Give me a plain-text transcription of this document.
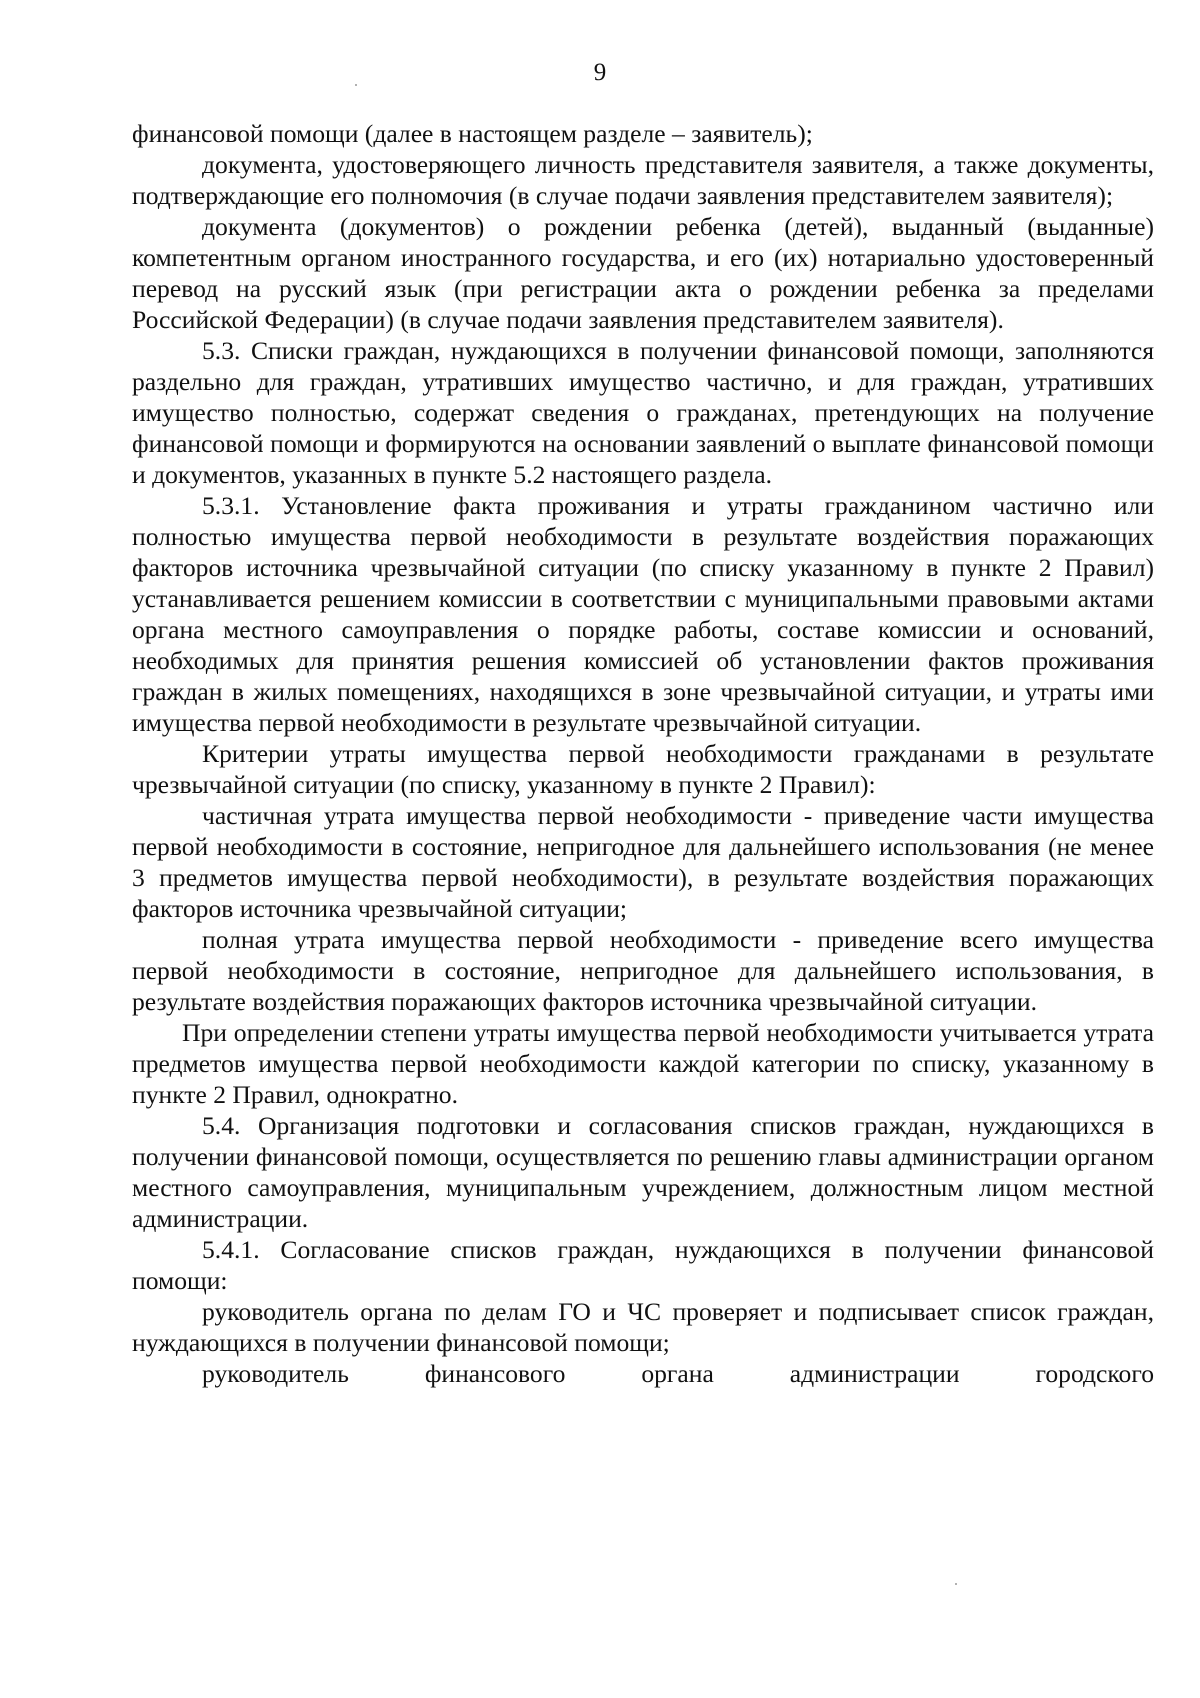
9

финансовой помощи (далее в настоящем разделе – заявитель);

документа, удостоверяющего личность представителя заявителя, а также документы, подтверждающие его полномочия (в случае подачи заявления представителем заявителя);

документа (документов) о рождении ребенка (детей), выданный (выданные) компетентным органом иностранного государства, и его (их) нотариально удостоверенный перевод на русский язык (при регистрации акта о рождении ребенка за пределами Российской Федерации) (в случае подачи заявления представителем заявителя).

5.3. Списки граждан, нуждающихся в получении финансовой помощи, заполняются раздельно для граждан, утративших имущество частично, и для граждан, утративших имущество полностью, содержат сведения о гражданах, претендующих на получение финансовой помощи и формируются на основании заявлений о выплате финансовой помощи и документов, указанных в пункте 5.2 настоящего раздела.

5.3.1. Установление факта проживания и утраты гражданином частично или полностью имущества первой необходимости в результате воздействия поражающих факторов источника чрезвычайной ситуации (по списку указанному в пункте 2 Правил) устанавливается решением комиссии в соответствии с муниципальными правовыми актами органа местного самоуправления о порядке работы, составе комиссии и оснований, необходимых для принятия решения комиссией об установлении фактов проживания граждан в жилых помещениях, находящихся в зоне чрезвычайной ситуации, и утраты ими имущества первой необходимости в результате чрезвычайной ситуации.

Критерии утраты имущества первой необходимости гражданами в результате чрезвычайной ситуации (по списку, указанному в пункте 2 Правил):

частичная утрата имущества первой необходимости - приведение части имущества первой необходимости в состояние, непригодное для дальнейшего использования (не менее 3 предметов имущества первой необходимости), в результате воздействия поражающих факторов источника чрезвычайной ситуации;

полная утрата имущества первой необходимости - приведение всего имущества первой необходимости в состояние, непригодное для дальнейшего использования, в результате воздействия поражающих факторов источника чрезвычайной ситуации.

При определении степени утраты имущества первой необходимости учитывается утрата предметов имущества первой необходимости каждой категории по списку, указанному в пункте 2 Правил, однократно.

5.4. Организация подготовки и согласования списков граждан, нуждающихся в получении финансовой помощи, осуществляется по решению главы администрации органом местного самоуправления, муниципальным учреждением, должностным лицом местной администрации.

5.4.1. Согласование списков граждан, нуждающихся в получении финансовой помощи:

руководитель органа по делам ГО и ЧС проверяет и подписывает список граждан, нуждающихся в получении финансовой помощи;

руководитель финансового органа администрации городского
